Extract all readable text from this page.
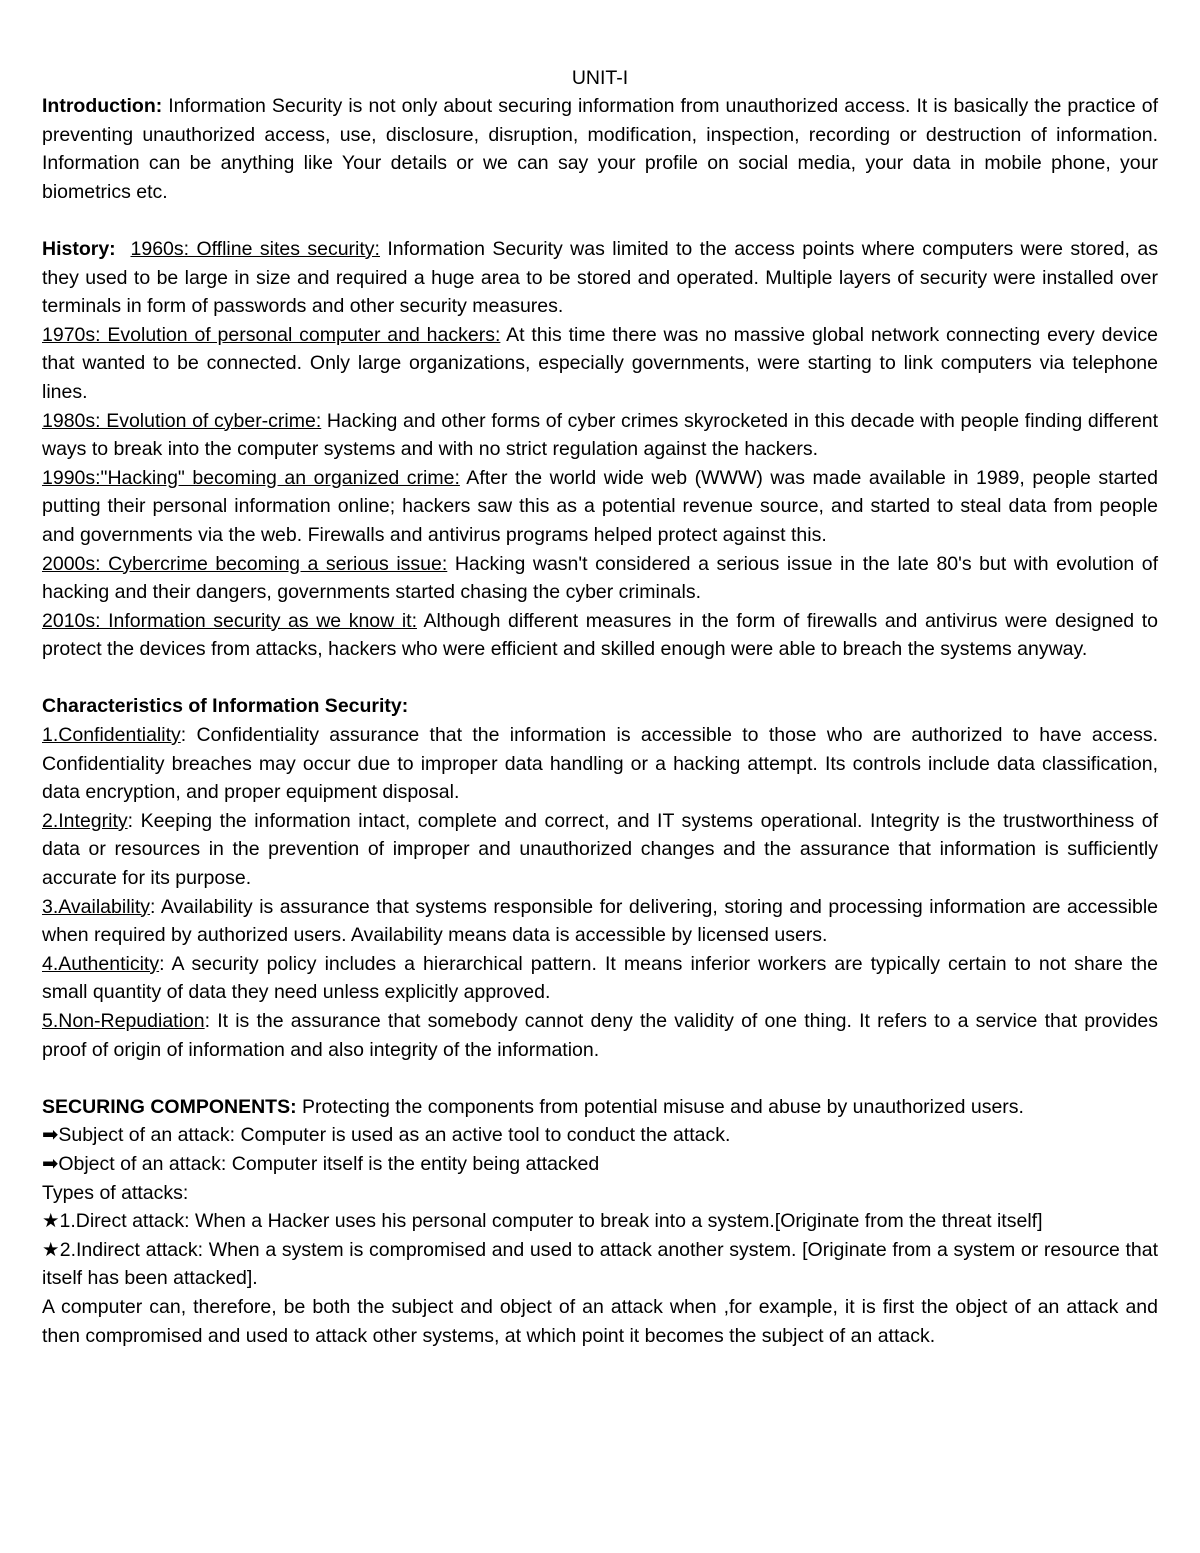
UNIT-I

Introduction: Information Security is not only about securing information from unauthorized access. It is basically the practice of preventing unauthorized access, use, disclosure, disruption, modification, inspection, recording or destruction of information. Information can be anything like Your details or we can say your profile on social media, your data in mobile phone, your biometrics etc.

History: 1960s: Offline sites security: Information Security was limited to the access points where computers were stored, as they used to be large in size and required a huge area to be stored and operated. Multiple layers of security were installed over terminals in form of passwords and other security measures.

1970s: Evolution of personal computer and hackers: At this time there was no massive global network connecting every device that wanted to be connected. Only large organizations, especially governments, were starting to link computers via telephone lines.

1980s: Evolution of cyber-crime: Hacking and other forms of cyber crimes skyrocketed in this decade with people finding different ways to break into the computer systems and with no strict regulation against the hackers.

1990s:"Hacking" becoming an organized crime: After the world wide web (WWW) was made available in 1989, people started putting their personal information online; hackers saw this as a potential revenue source, and started to steal data from people and governments via the web. Firewalls and antivirus programs helped protect against this.

2000s: Cybercrime becoming a serious issue: Hacking wasn't considered a serious issue in the late 80's but with evolution of hacking and their dangers, governments started chasing the cyber criminals.

2010s: Information security as we know it: Although different measures in the form of firewalls and antivirus were designed to protect the devices from attacks, hackers who were efficient and skilled enough were able to breach the systems anyway.

Characteristics of Information Security:

1.Confidentiality: Confidentiality assurance that the information is accessible to those who are authorized to have access. Confidentiality breaches may occur due to improper data handling or a hacking attempt. Its controls include data classification, data encryption, and proper equipment disposal.

2.Integrity: Keeping the information intact, complete and correct, and IT systems operational. Integrity is the trustworthiness of data or resources in the prevention of improper and unauthorized changes and the assurance that information is sufficiently accurate for its purpose.

3.Availability: Availability is assurance that systems responsible for delivering, storing and processing information are accessible when required by authorized users. Availability means data is accessible by licensed users.

4.Authenticity: A security policy includes a hierarchical pattern. It means inferior workers are typically certain to not share the small quantity of data they need unless explicitly approved.

5.Non-Repudiation: It is the assurance that somebody cannot deny the validity of one thing. It refers to a service that provides proof of origin of information and also integrity of the information.

SECURING COMPONENTS: Protecting the components from potential misuse and abuse by unauthorized users.

➡Subject of an attack: Computer is used as an active tool to conduct the attack.

➡Object of an attack: Computer itself is the entity being attacked

Types of attacks:

★1.Direct attack: When a Hacker uses his personal computer to break into a system.[Originate from the threat itself]

★2.Indirect attack: When a system is compromised and used to attack another system. [Originate from a system or resource that itself has been attacked].

A computer can, therefore, be both the subject and object of an attack when ,for example, it is first the object of an attack and then compromised and used to attack other systems, at which point it becomes the subject of an attack.
